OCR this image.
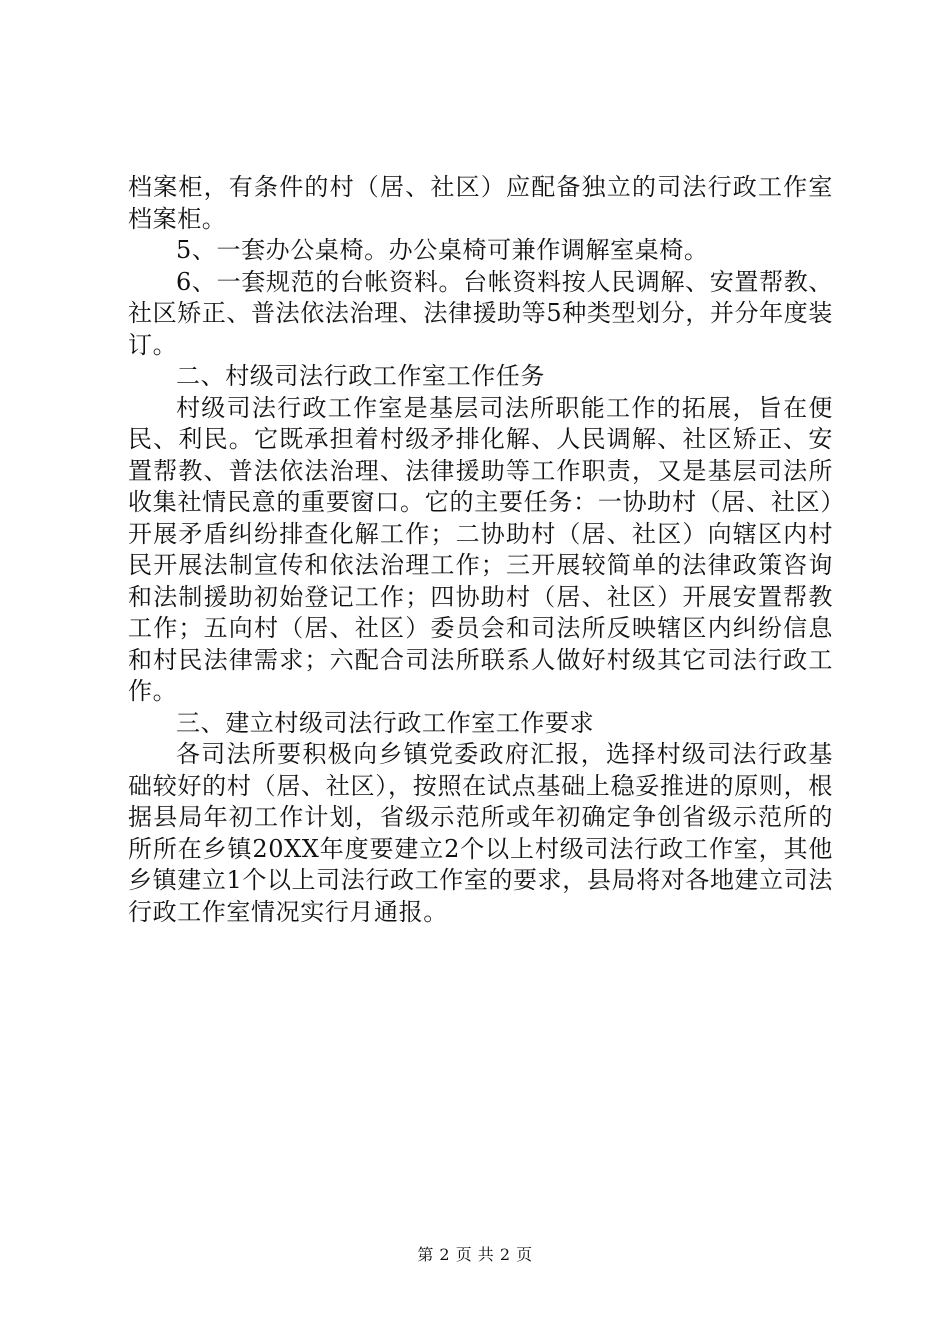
档案柜，有条件的村（居、社区）应配备独立的司法行政工作室档案柜。

5、一套办公桌椅。办公桌椅可兼作调解室桌椅。

6、一套规范的台帐资料。台帐资料按人民调解、安置帮教、社区矫正、普法依法治理、法律援助等5种类型划分，并分年度装订。

二、村级司法行政工作室工作任务

村级司法行政工作室是基层司法所职能工作的拓展，旨在便民、利民。它既承担着村级矛排化解、人民调解、社区矫正、安置帮教、普法依法治理、法律援助等工作职责，又是基层司法所收集社情民意的重要窗口。它的主要任务：一协助村（居、社区）开展矛盾纠纷排查化解工作；二协助村（居、社区）向辖区内村民开展法制宣传和依法治理工作；三开展较简单的法律政策咨询和法制援助初始登记工作；四协助村（居、社区）开展安置帮教工作；五向村（居、社区）委员会和司法所反映辖区内纠纷信息和村民法律需求；六配合司法所联系人做好村级其它司法行政工作。

三、建立村级司法行政工作室工作要求

各司法所要积极向乡镇党委政府汇报，选择村级司法行政基础较好的村（居、社区），按照在试点基础上稳妥推进的原则，根据县局年初工作计划，省级示范所或年初确定争创省级示范所的所所在乡镇20XX年度要建立2个以上村级司法行政工作室，其他乡镇建立1个以上司法行政工作室的要求，县局将对各地建立司法行政工作室情况实行月通报。

第 2 页 共 2 页
